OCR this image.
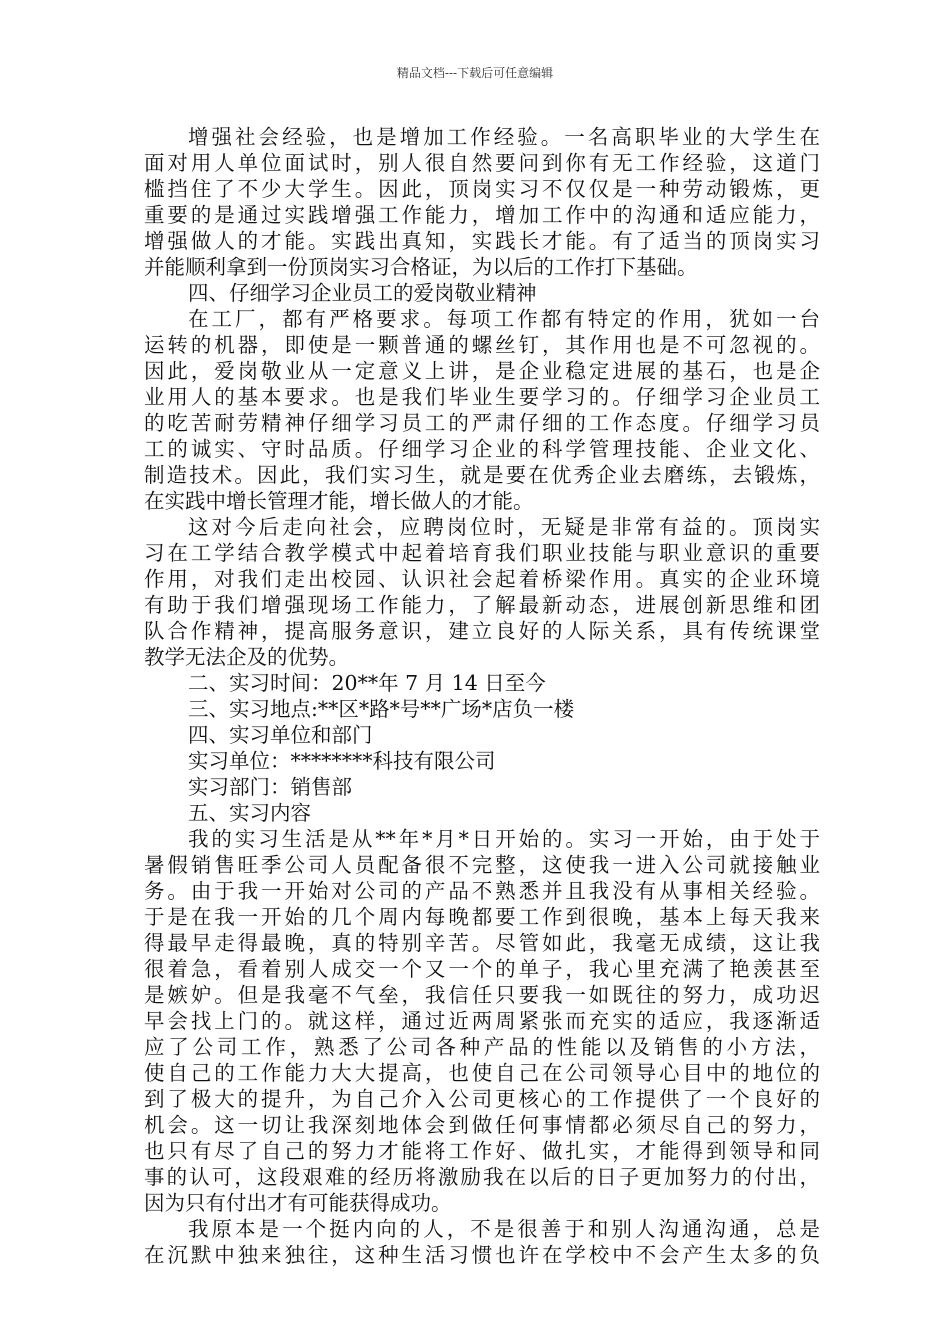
精品文档---下载后可任意编辑
增强社会经验，也是增加工作经验。一名高职毕业的大学生在
面对用人单位面试时，别人很自然要问到你有无工作经验，这道门
槛挡住了不少大学生。因此，顶岗实习不仅仅是一种劳动锻炼，更
重要的是通过实践增强工作能力，增加工作中的沟通和适应能力，
增强做人的才能。实践出真知，实践长才能。有了适当的顶岗实习
并能顺利拿到一份顶岗实习合格证，为以后的工作打下基础。
四、仔细学习企业员工的爱岗敬业精神
在工厂，都有严格要求。每项工作都有特定的作用，犹如一台
运转的机器，即使是一颗普通的螺丝钉，其作用也是不可忽视的。
因此，爱岗敬业从一定意义上讲，是企业稳定进展的基石，也是企
业用人的基本要求。也是我们毕业生要学习的。仔细学习企业员工
的吃苦耐劳精神仔细学习员工的严肃仔细的工作态度。仔细学习员
工的诚实、守时品质。仔细学习企业的科学管理技能、企业文化、
制造技术。因此，我们实习生，就是要在优秀企业去磨练，去锻炼，
在实践中增长管理才能，增长做人的才能。
这对今后走向社会，应聘岗位时，无疑是非常有益的。顶岗实
习在工学结合教学模式中起着培育我们职业技能与职业意识的重要
作用，对我们走出校园、认识社会起着桥梁作用。真实的企业环境
有助于我们增强现场工作能力，了解最新动态，进展创新思维和团
队合作精神，提高服务意识，建立良好的人际关系，具有传统课堂
教学无法企及的优势。
二、实习时间：20**年 7 月 14 日至今
三、实习地点:**区*路*号**广场*店负一楼
四、实习单位和部门
实习单位：********科技有限公司
实习部门：销售部
五、实习内容
我的实习生活是从**年*月*日开始的。实习一开始，由于处于
暑假销售旺季公司人员配备很不完整，这使我一进入公司就接触业
务。由于我一开始对公司的产品不熟悉并且我没有从事相关经验。
于是在我一开始的几个周内每晚都要工作到很晚，基本上每天我来
得最早走得最晚，真的特别辛苦。尽管如此，我毫无成绩，这让我
很着急，看着别人成交一个又一个的单子，我心里充满了艳羡甚至
是嫉妒。但是我毫不气垒，我信任只要我一如既往的努力，成功迟
早会找上门的。就这样，通过近两周紧张而充实的适应，我逐渐适
应了公司工作，熟悉了公司各种产品的性能以及销售的小方法，
使自己的工作能力大大提高，也使自己在公司领导心目中的地位的
到了极大的提升，为自己介入公司更核心的工作提供了一个良好的
机会。这一切让我深刻地体会到做任何事情都必须尽自己的努力，
也只有尽了自己的努力才能将工作好、做扎实，才能得到领导和同
事的认可，这段艰难的经历将激励我在以后的日子更加努力的付出，
因为只有付出才有可能获得成功。
我原本是一个挺内向的人，不是很善于和别人沟通沟通，总是
在沉默中独来独往，这种生活习惯也许在学校中不会产生太多的负
